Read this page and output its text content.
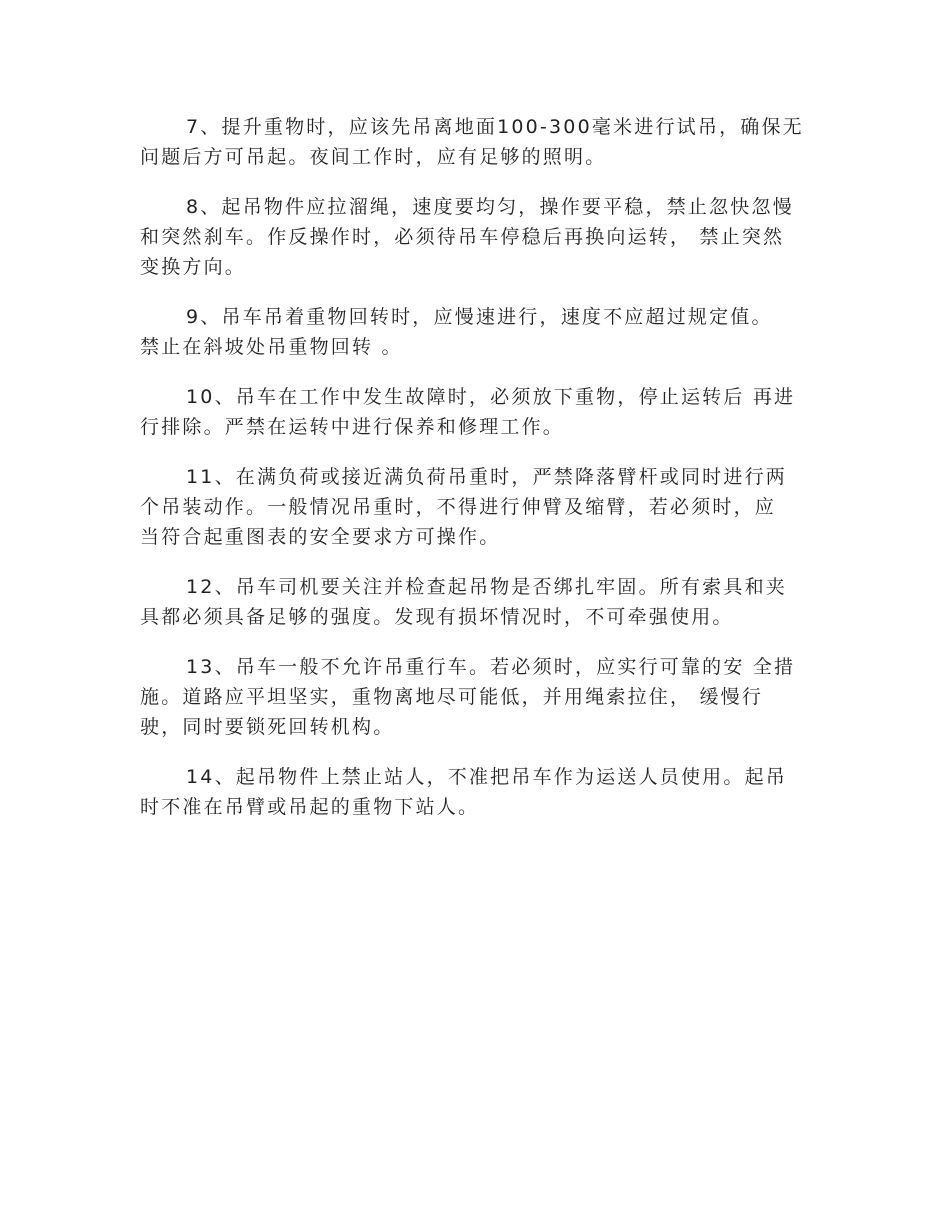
7、提升重物时，应该先吊离地面100-300毫米进行试吊，确保无
问题后方可吊起。夜间工作时，应有足够的照明。

8、起吊物件应拉溜绳，速度要均匀，操作要平稳，禁止忽快忽慢
和突然刹车。作反操作时，必须待吊车停稳后再换向运转， 禁止突然
变换方向。

9、吊车吊着重物回转时，应慢速进行，速度不应超过规定值。
禁止在斜坡处吊重物回转 。

10、吊车在工作中发生故障时，必须放下重物，停止运转后 再进
行排除。严禁在运转中进行保养和修理工作。

11、在满负荷或接近满负荷吊重时，严禁降落臂杆或同时进行两
个吊装动作。一般情况吊重时，不得进行伸臂及缩臂，若必须时，应
当符合起重图表的安全要求方可操作。

12、吊车司机要关注并检查起吊物是否绑扎牢固。所有索具和夹
具都必须具备足够的强度。发现有损坏情况时，不可牵强使用。

13、吊车一般不允许吊重行车。若必须时，应实行可靠的安 全措
施。道路应平坦坚实，重物离地尽可能低，并用绳索拉住， 缓慢行
驶，同时要锁死回转机构。

14、起吊物件上禁止站人，不准把吊车作为运送人员使用。起吊
时不准在吊臂或吊起的重物下站人。
